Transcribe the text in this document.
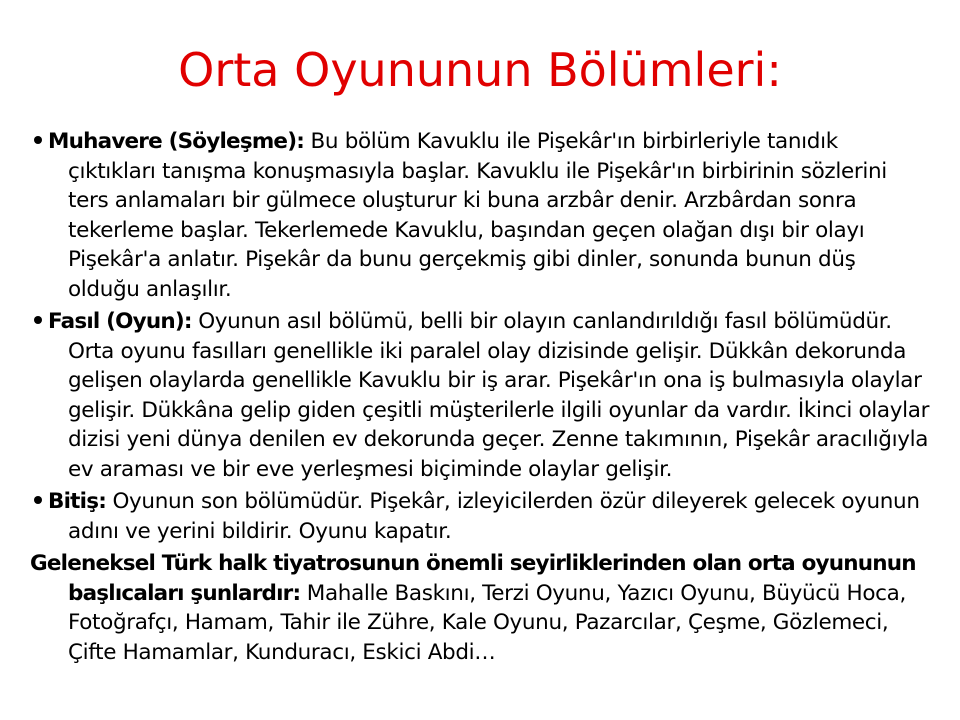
Orta Oyununun Bölümleri:

Muhavere (Söyleşme): Bu bölüm Kavuklu ile Pişekâr'ın birbirleriyle tanıdık çıktıkları tanışma konuşmasıyla başlar. Kavuklu ile Pişekâr'ın birbirinin sözlerini ters anlamaları bir gülmece oluşturur ki buna arzbâr denir. Arzbârdan sonra tekerleme başlar. Tekerlemede Kavuklu, başından geçen olağan dışı bir olayı Pişekâr'a anlatır. Pişekâr da bunu gerçekmiş gibi dinler, sonunda bunun düş olduğu anlaşılır.

Fasıl (Oyun): Oyunun asıl bölümü, belli bir olayın canlandırıldığı fasıl bölümüdür. Orta oyunu fasılları genellikle iki paralel olay dizisinde gelişir. Dükkân dekorunda gelişen olaylarda genellikle Kavuklu bir iş arar. Pişekâr'ın ona iş bulmasıyla olaylar gelişir. Dükkâna gelip giden çeşitli müşterilerle ilgili oyunlar da vardır. İkinci olaylar dizisi yeni dünya denilen ev dekorunda geçer. Zenne takımının, Pişekâr aracılığıyla ev araması ve bir eve yerleşmesi biçiminde olaylar gelişir.

Bitiş: Oyunun son bölümüdür. Pişekâr, izleyicilerden özür dileyerek gelecek oyunun adını ve yerini bildirir. Oyunu kapatır.

Geleneksel Türk halk tiyatrosunun önemli seyirliklerinden olan orta oyununun başlıcaları şunlardır: Mahalle Baskını, Terzi Oyunu, Yazıcı Oyunu, Büyücü Hoca, Fotoğrafçı, Hamam, Tahir ile Zühre, Kale Oyunu, Pazarcılar, Çeşme, Gözlemeci, Çifte Hamamlar, Kunduracı, Eskici Abdi…
